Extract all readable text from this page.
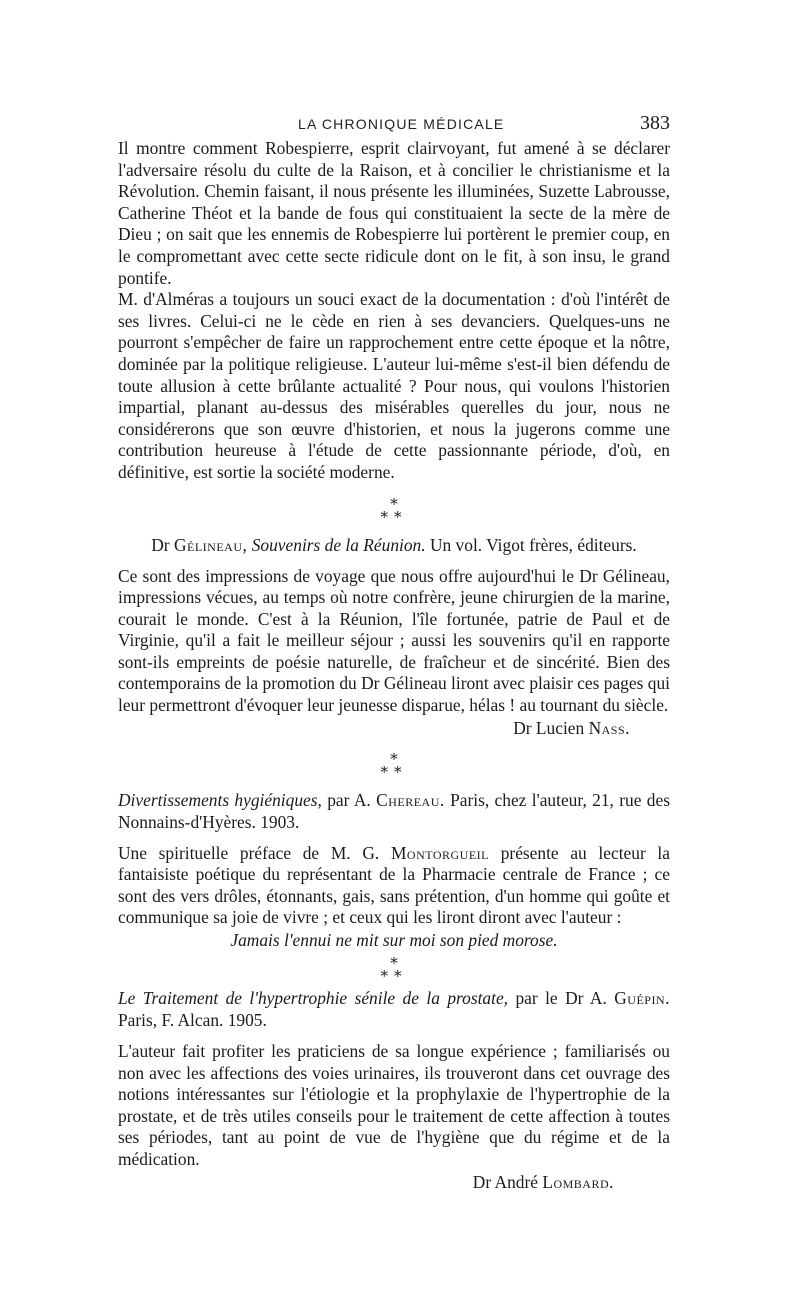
LA CHRONIQUE MÉDICALE	383

Il montre comment Robespierre, esprit clairvoyant, fut amené à se déclarer l'adversaire résolu du culte de la Raison, et à concilier le christianisme et la Révolution. Chemin faisant, il nous présente les illuminées, Suzette Labrousse, Catherine Théot et la bande de fous qui constituaient la secte de la mère de Dieu ; on sait que les ennemis de Robespierre lui portèrent le premier coup, en le compromettant avec cette secte ridicule dont on le fit, à son insu, le grand pontife.

M. d'Alméras a toujours un souci exact de la documentation : d'où l'intérêt de ses livres. Celui-ci ne le cède en rien à ses devanciers. Quelques-uns ne pourront s'empêcher de faire un rapprochement entre cette époque et la nôtre, dominée par la politique religieuse. L'auteur lui-même s'est-il bien défendu de toute allusion à cette brûlante actualité ? Pour nous, qui voulons l'historien impartial, planant au-dessus des misérables querelles du jour, nous ne considérerons que son œuvre d'historien, et nous la jugerons comme une contribution heureuse à l'étude de cette passionnante période, d'où, en définitive, est sortie la société moderne.

*
**
Dr Gélineau, Souvenirs de la Réunion. Un vol. Vigot frères, éditeurs.

Ce sont des impressions de voyage que nous offre aujourd'hui le Dr Gélineau, impressions vécues, au temps où notre confrère, jeune chirurgien de la marine, courait le monde. C'est à la Réunion, l'île fortunée, patrie de Paul et de Virginie, qu'il a fait le meilleur séjour ; aussi les souvenirs qu'il en rapporte sont-ils empreints de poésie naturelle, de fraîcheur et de sincérité. Bien des contemporains de la promotion du Dr Gélineau liront avec plaisir ces pages qui leur permettront d'évoquer leur jeunesse disparue, hélas ! au tournant du siècle.

Dr Lucien Nass.
*
**
Divertissements hygiéniques, par A. Chereau. Paris, chez l'auteur, 21, rue des Nonnains-d'Hyères. 1903.

Une spirituelle préface de M. G. Montorgueil présente au lecteur la fantaisiste poétique du représentant de la Pharmacie centrale de France ; ce sont des vers drôles, étonnants, gais, sans prétention, d'un homme qui goûte et communique sa joie de vivre ; et ceux qui les liront diront avec l'auteur :

Jamais l'ennui ne mit sur moi son pied morose.
*
**
Le Traitement de l'hypertrophie sénile de la prostate, par le Dr A. Guépin. Paris, F. Alcan. 1905.

L'auteur fait profiter les praticiens de sa longue expérience ; familiarisés ou non avec les affections des voies urinaires, ils trouveront dans cet ouvrage des notions intéressantes sur l'étiologie et la prophylaxie de l'hypertrophie de la prostate, et de très utiles conseils pour le traitement de cette affection à toutes ses périodes, tant au point de vue de l'hygiène que du régime et de la médication.

Dr André Lombard.
